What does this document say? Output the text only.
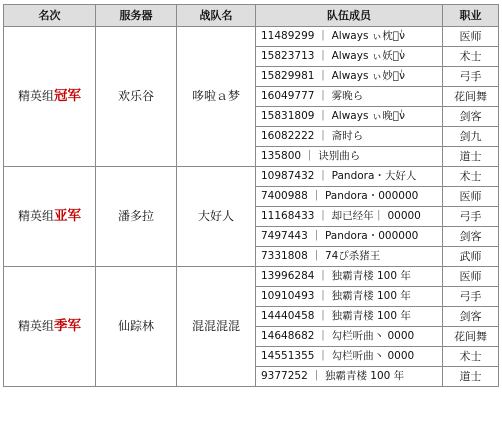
名次	服务器	战队名	队伍成员	职业
精英组冠军	欢乐谷	哆啦ａ梦	11489299 ｜ Always ぃ枕梦ٰν	医师
			15823713 ｜ Always ぃ妖言ٰν	术士
			15829981 ｜ Always ぃ妙芙ٰν	弓手
			16049777 ｜ 雾晚ら	花间舞
			15831809 ｜ Always ぃ晚安ٰν	剑客
			16082222 ｜ 斋时ら	剑九
			135800 ｜ 诀别曲ら	道士
精英组亚军	潘多拉	大好人	10987432 ｜ Pandora・大好人	术士
			7400988 ｜ Pandora・000000	医师
			11168433 ｜ 却已经年｜ 00000	弓手
			7497443 ｜ Pandora・000000	剑客
			7331808 ｜ 74ぴ杀猪王	武师
精英组季军	仙踪林	混混混混	13996284 ｜ 独霸青楼 100 年	医师
			10910493 ｜ 独霸青楼 100 年	弓手
			14440458 ｜ 独霸青楼 100 年	剑客
			14648682 ｜ 勾栏听曲丶 0000	花间舞
			14551355 ｜ 勾栏听曲丶 0000	术士
			9377252 ｜ 独霸青楼 100 年	道士
